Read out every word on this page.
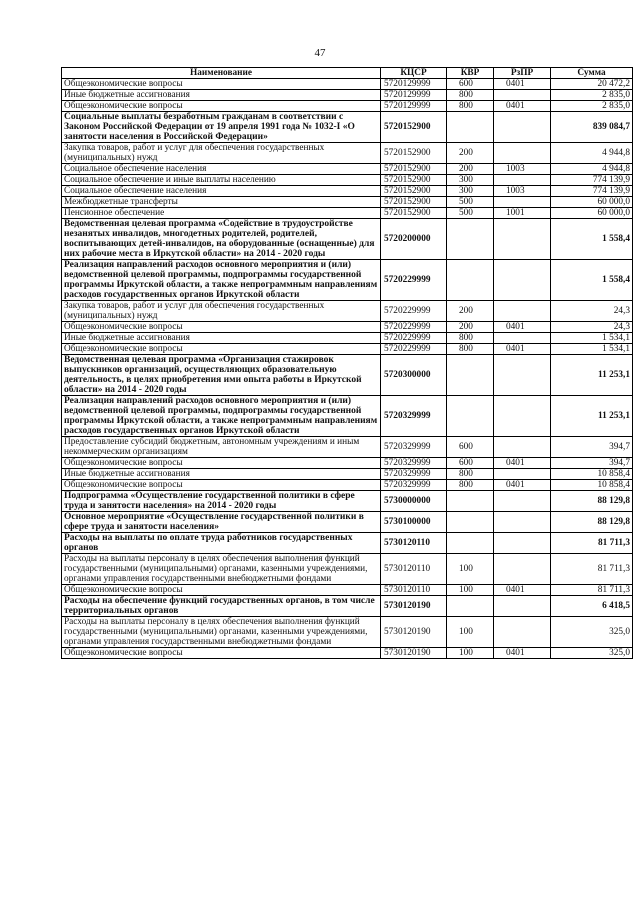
47
Наименование	КЦСР	КВР	РзПР	Сумма
Общеэкономические вопросы	5720129999	600	0401	20 472,2
Иные бюджетные ассигнования	5720129999	800		2 835,0
Общеэкономические вопросы	5720129999	800	0401	2 835,0
Социальные выплаты безработным гражданам в соответствии с Законом Российской Федерации от 19 апреля 1991 года № 1032-I «О занятости населения в Российской Федерации»	5720152900			839 084,7
Закупка товаров, работ и услуг для обеспечения государственных (муниципальных) нужд	5720152900	200		4 944,8
Социальное обеспечение населения	5720152900	200	1003	4 944,8
Социальное обеспечение и иные выплаты населению	5720152900	300		774 139,9
Социальное обеспечение населения	5720152900	300	1003	774 139,9
Межбюджетные трансферты	5720152900	500		60 000,0
Пенсионное обеспечение	5720152900	500	1001	60 000,0
Ведомственная целевая программа «Содействие в трудоустройстве незанятых инвалидов, многодетных родителей, родителей, воспитывающих детей-инвалидов, на оборудованные (оснащенные) для них рабочие места в Иркутской области» на 2014 - 2020 годы	5720200000			1 558,4
Реализация направлений расходов основного мероприятия и (или) ведомственной целевой программы, подпрограммы государственной программы Иркутской области, а также непрограммным направлениям расходов государственных органов Иркутской области	5720229999			1 558,4
Закупка товаров, работ и услуг для обеспечения государственных (муниципальных) нужд	5720229999	200		24,3
Общеэкономические вопросы	5720229999	200	0401	24,3
Иные бюджетные ассигнования	5720229999	800		1 534,1
Общеэкономические вопросы	5720229999	800	0401	1 534,1
Ведомственная целевая программа «Организация стажировок выпускников организаций, осуществляющих образовательную деятельность, в целях приобретения ими опыта работы в Иркутской области» на 2014 - 2020 годы	5720300000			11 253,1
Реализация направлений расходов основного мероприятия и (или) ведомственной целевой программы, подпрограммы государственной программы Иркутской области, а также непрограммным направлениям расходов государственных органов Иркутской области	5720329999			11 253,1
Предоставление субсидий бюджетным, автономным учреждениям и иным некоммерческим организациям	5720329999	600		394,7
Общеэкономические вопросы	5720329999	600	0401	394,7
Иные бюджетные ассигнования	5720329999	800		10 858,4
Общеэкономические вопросы	5720329999	800	0401	10 858,4
Подпрограмма «Осуществление государственной политики в сфере труда и занятости населения» на 2014 - 2020 годы	5730000000			88 129,8
Основное мероприятие «Осуществление государственной политики в сфере труда и занятости населения»	5730100000			88 129,8
Расходы на выплаты по оплате труда работников государственных органов	5730120110			81 711,3
Расходы на выплаты персоналу в целях обеспечения выполнения функций государственными (муниципальными) органами, казенными учреждениями, органами управления государственными внебюджетными фондами	5730120110	100		81 711,3
Общеэкономические вопросы	5730120110	100	0401	81 711,3
Расходы на обеспечение функций государственных органов, в том числе территориальных органов	5730120190			6 418,5
Расходы на выплаты персоналу в целях обеспечения выполнения функций государственными (муниципальными) органами, казенными учреждениями, органами управления государственными внебюджетными фондами	5730120190	100		325,0
Общеэкономические вопросы	5730120190	100	0401	325,0
